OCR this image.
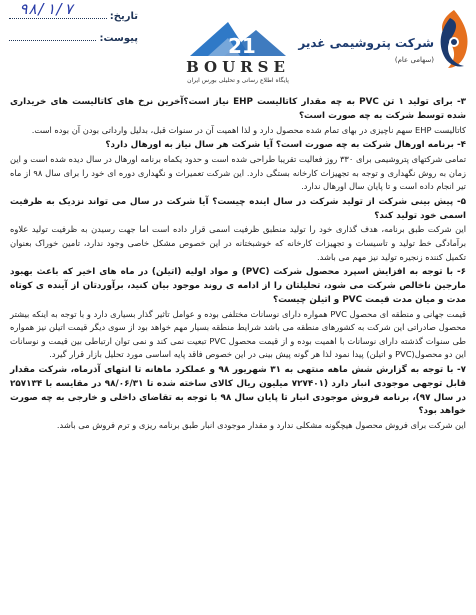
تاریخ:
۹۸/۱/۷
پیوست:	21
BOURSE
پایگاه اطلاع رسانی و تحلیلی بورس ایران
شرکت پتروشیمی غدیر
(سهامی عام)

۳- برای تولید ۱ تن PVC به چه مقدار کاتالیست EHP نیاز است؟آخرین نرخ های کاتالیست های خریداری شده توسط شرکت به چه صورت است؟

کاتالیست EHP سهم ناچیزی در بهای تمام شده محصول دارد و لذا اهمیت آن در سنوات قبل، بدلیل وارداتی بودن آن بوده است.

۴- برنامه اورهال شرکت به چه صورت است؟ آیا شرکت هر سال نیاز به اورهال دارد؟

تمامی شرکتهای پتروشیمی برای ۳۳۰ روز فعالیت تقریبا طراحی شده است و حدود یکماه برنامه اورهال در سال دیده شده است و این زمان به روش نگهداری و توجه به تجهیزات کارخانه بستگی دارد. این شرکت تعمیرات و نگهداری دوره ای خود را برای سال ۹۸ از ماه تیر انجام داده است و تا پایان سال اورهال ندارد.

۵- پیش بینی شرکت از تولید شرکت در سال اینده چیست؟ آیا شرکت در سال می تواند نزدیک به ظرفیت اسمی خود تولید کند؟

این شرکت طبق برنامه، هدف گذاری خود را تولید منطبق ظرفیت اسمی قرار داده است اما جهت رسیدن به ظرفیت تولید علاوه برآمادگی خط تولید و تاسیسات و تجهیزات کارخانه که خوشبختانه در این خصوص مشکل خاصی وجود ندارد، تامین خوراک بعنوان تکمیل کننده زنجیره تولید نیز مهم می باشد.

۶- با توجه به افزایش اسپرد محصول شرکت (PVC) و مواد اولیه (اتیلن) در ماه های اخیر که باعث بهبود مارجین ناخالص شرکت می شود، تحلیلتان را از ادامه ی روند موجود بیان کنید، برآوردتان از آینده ی کوتاه مدت و میان مدت قیمت PVC و اتیلن چیست؟

قیمت جهانی و منطقه ای محصول PVC همواره دارای نوسانات مختلفی بوده و عوامل تاثیر گذار بسیاری دارد و با توجه به اینکه بیشتر محصول صادراتی این شرکت به کشورهای منطقه می باشد شرایط منطقه بسیار مهم خواهد بود از سوی دیگر قیمت اتیلن نیز همواره طی سنوات گذشته دارای نوسانات با اهمیت بوده و از قیمت محصول PVC تبعیت نمی کند و نمی توان ارتباطی بین قیمت و نوسانات این دو محصول(PVC و اتیلن) پیدا نمود لذا هر گونه پیش بینی در این خصوص فاقد پایه اساسی مورد تحلیل بازار قرار گیرد.

۷- با توجه به گزارش شش ماهه منتهی به ۳۱ شهریور ۹۸ و عملکرد ماهانه تا انتهای آذرماه، شرکت مقدار قابل توجهی موجودی انبار دارد (۷۲۷۴۰۱ میلیون ریال کالای ساخته شده تا ۹۸/۰۶/۳۱ در مقایسه با ۲۵۷۱۳۴ در سال ۹۷)، برنامه فروش موجودی انبار تا پایان سال ۹۸ با توجه به تقاضای داخلی و خارجی به چه صورت خواهد بود؟

این شرکت برای فروش محصول هیچگونه مشکلی ندارد و مقدار موجودی انبار طبق برنامه ریزی و ترم فروش می باشد.
